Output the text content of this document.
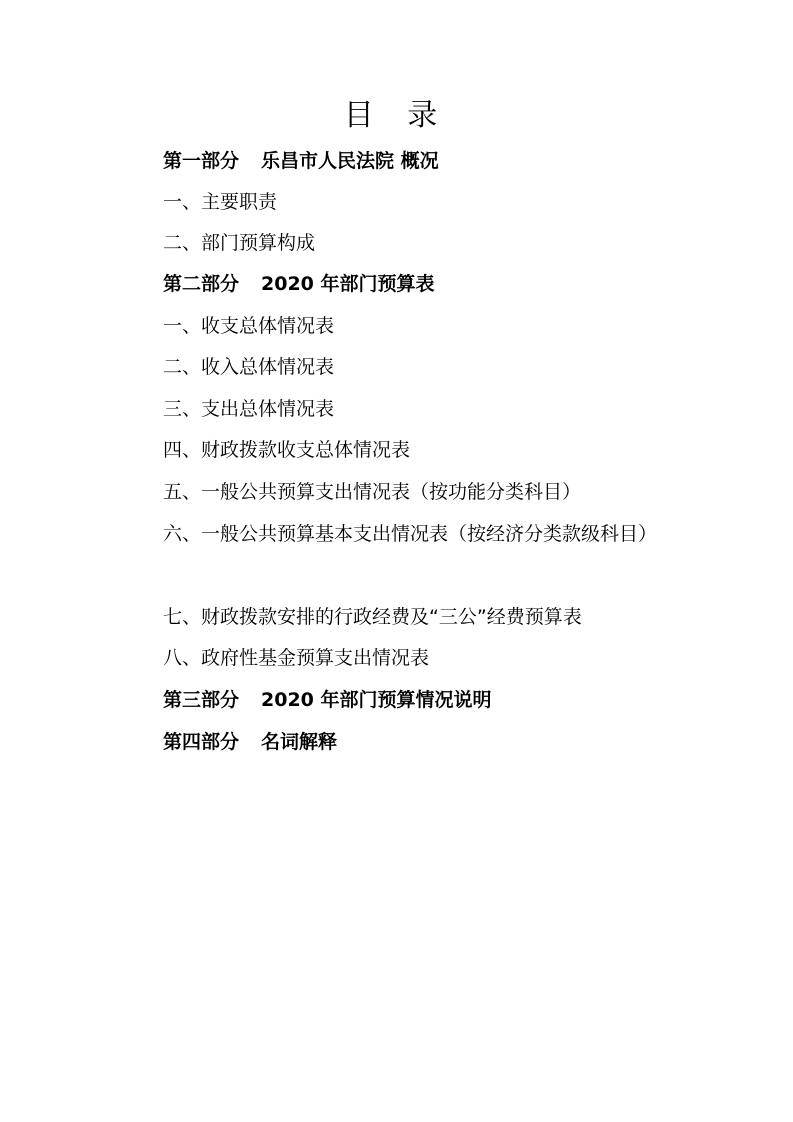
目 录
第一部分 乐昌市人民法院 概况
一、主要职责
二、部门预算构成
第二部分 2020 年部门预算表
一、收支总体情况表
二、收入总体情况表
三、支出总体情况表
四、财政拨款收支总体情况表
五、一般公共预算支出情况表（按功能分类科目）
六、一般公共预算基本支出情况表（按经济分类款级科目）
七、财政拨款安排的行政经费及“三公”经费预算表
八、政府性基金预算支出情况表
第三部分 2020 年部门预算情况说明
第四部分 名词解释
